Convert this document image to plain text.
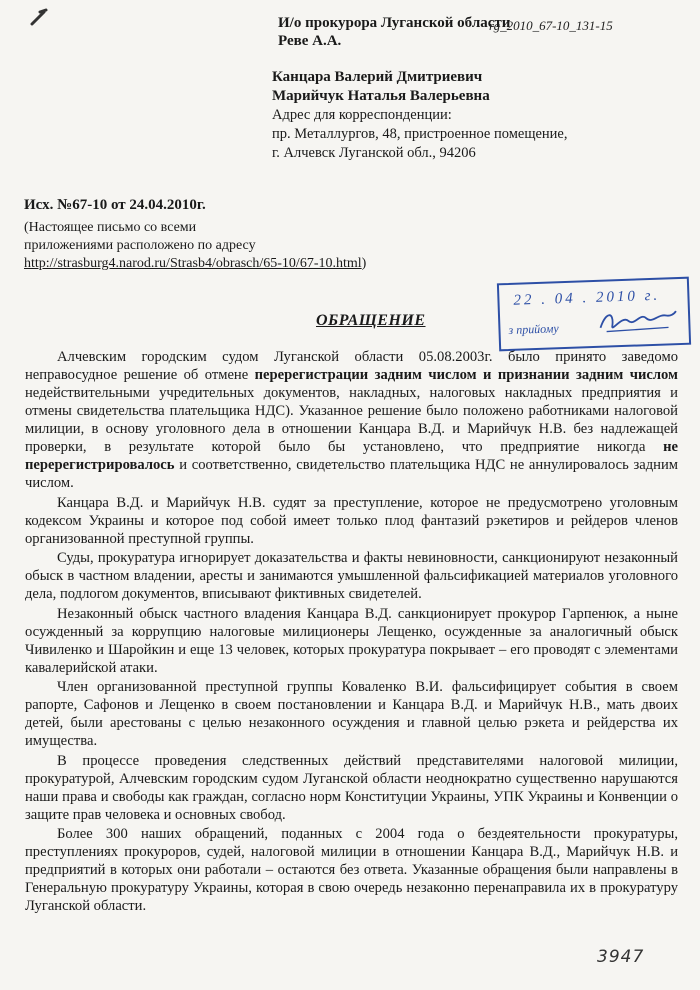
И/о прокурора Луганской области
Реве А.А.
rg_2010_67-10_131-15
Канцара Валерий Дмитриевич
Марийчук Наталья Валерьевна
Адрес для корреспонденции:
пр. Металлургов, 48, пристроенное помещение,
г. Алчевск Луганской обл., 94206
Исх. №67-10 от 24.04.2010г.
(Настоящее письмо со всеми
приложениями расположено по адресу
http://strasburg4.narod.ru/Strasb4/obrasch/65-10/67-10.html)
22 . 04 . 2010 г.
з прийому
ОБРАЩЕНИЕ

Алчевским городским судом Луганской области 05.08.2003г. было принято заведомо неправосудное решение об отмене перерегистрации задним числом и признании задним числом недействительными учредительных документов, накладных, налоговых накладных предприятия и отмены свидетельства плательщика НДС). Указанное решение было положено работниками налоговой милиции, в основу уголовного дела в отношении Канцара В.Д. и Марийчук Н.В. без надлежащей проверки, в результате которой было бы установлено, что предприятие никогда не перерегистрировалось и соответственно, свидетельство плательщика НДС не аннулировалось задним числом.

Канцара В.Д. и Марийчук Н.В. судят за преступление, которое не предусмотрено уголовным кодексом Украины и которое под собой имеет только плод фантазий рэкетиров и рейдеров членов организованной преступной группы.

Суды, прокуратура игнорирует доказательства и факты невиновности, санкционируют незаконный обыск в частном владении, аресты и занимаются умышленной фальсификацией материалов уголовного дела, подлогом документов, вписывают фиктивных свидетелей.

Незаконный обыск частного владения Канцара В.Д. санкционирует прокурор Гарпенюк, а ныне осужденный за коррупцию налоговые милиционеры Лещенко, осужденные за аналогичный обыск Чивиленко и Шаройкин и еще 13 человек, которых прокуратура покрывает – его проводят с элементами кавалерийской атаки.

Член организованной преступной группы Коваленко В.И. фальсифицирует события в своем рапорте, Сафонов и Лещенко в своем постановлении и Канцара В.Д. и Марийчук Н.В., мать двоих детей, были арестованы с целью незаконного осуждения и главной целью рэкета и рейдерства их имущества.

В процессе проведения следственных действий представителями налоговой милиции, прокуратурой, Алчевским городским судом Луганской области неоднократно существенно нарушаются наши права и свободы как граждан, согласно норм Конституции Украины, УПК Украины и Конвенции о защите прав человека и основных свобод.

Более 300 наших обращений, поданных с 2004 года о бездеятельности прокуратуры, преступлениях прокуроров, судей, налоговой милиции в отношении Канцара В.Д., Марийчук Н.В. и предприятий в которых они работали – остаются без ответа. Указанные обращения были направлены в Генеральную прокуратуру Украины, которая в свою очередь незаконно перенаправила их в прокуратуру Луганской области.

3947
